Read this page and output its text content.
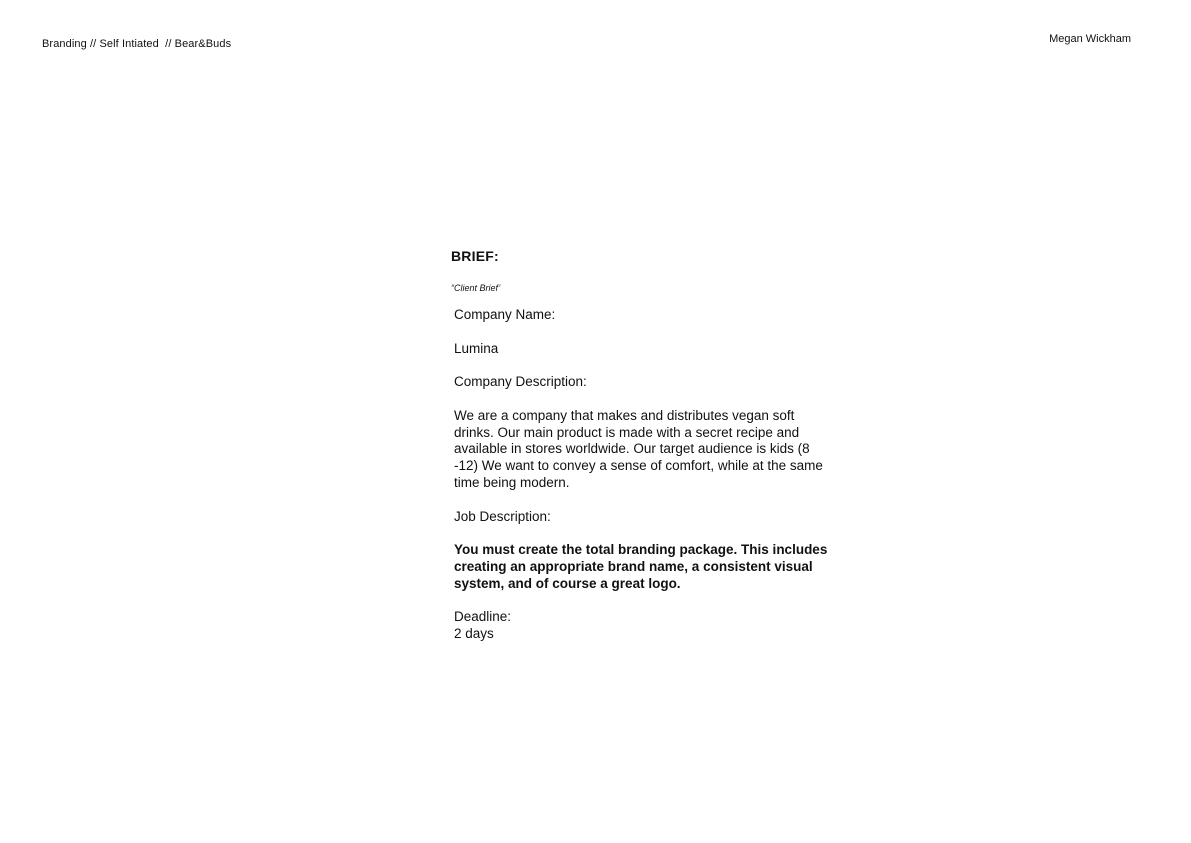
Branding // Self Intiated  // Bear&Buds	Megan Wickham
BRIEF:
“Client Brief’

Company Name:

Lumina

Company Description:

We are a company that makes and distributes vegan soft drinks. Our main product is made with a secret recipe and available in stores worldwide. Our target audience is kids (8 -12) We want to convey a sense of comfort, while at the same time being modern.

Job Description:

You must create the total branding package. This includes creating an appropriate brand name, a consistent visual system, and of course a great logo.

Deadline:

2 days
